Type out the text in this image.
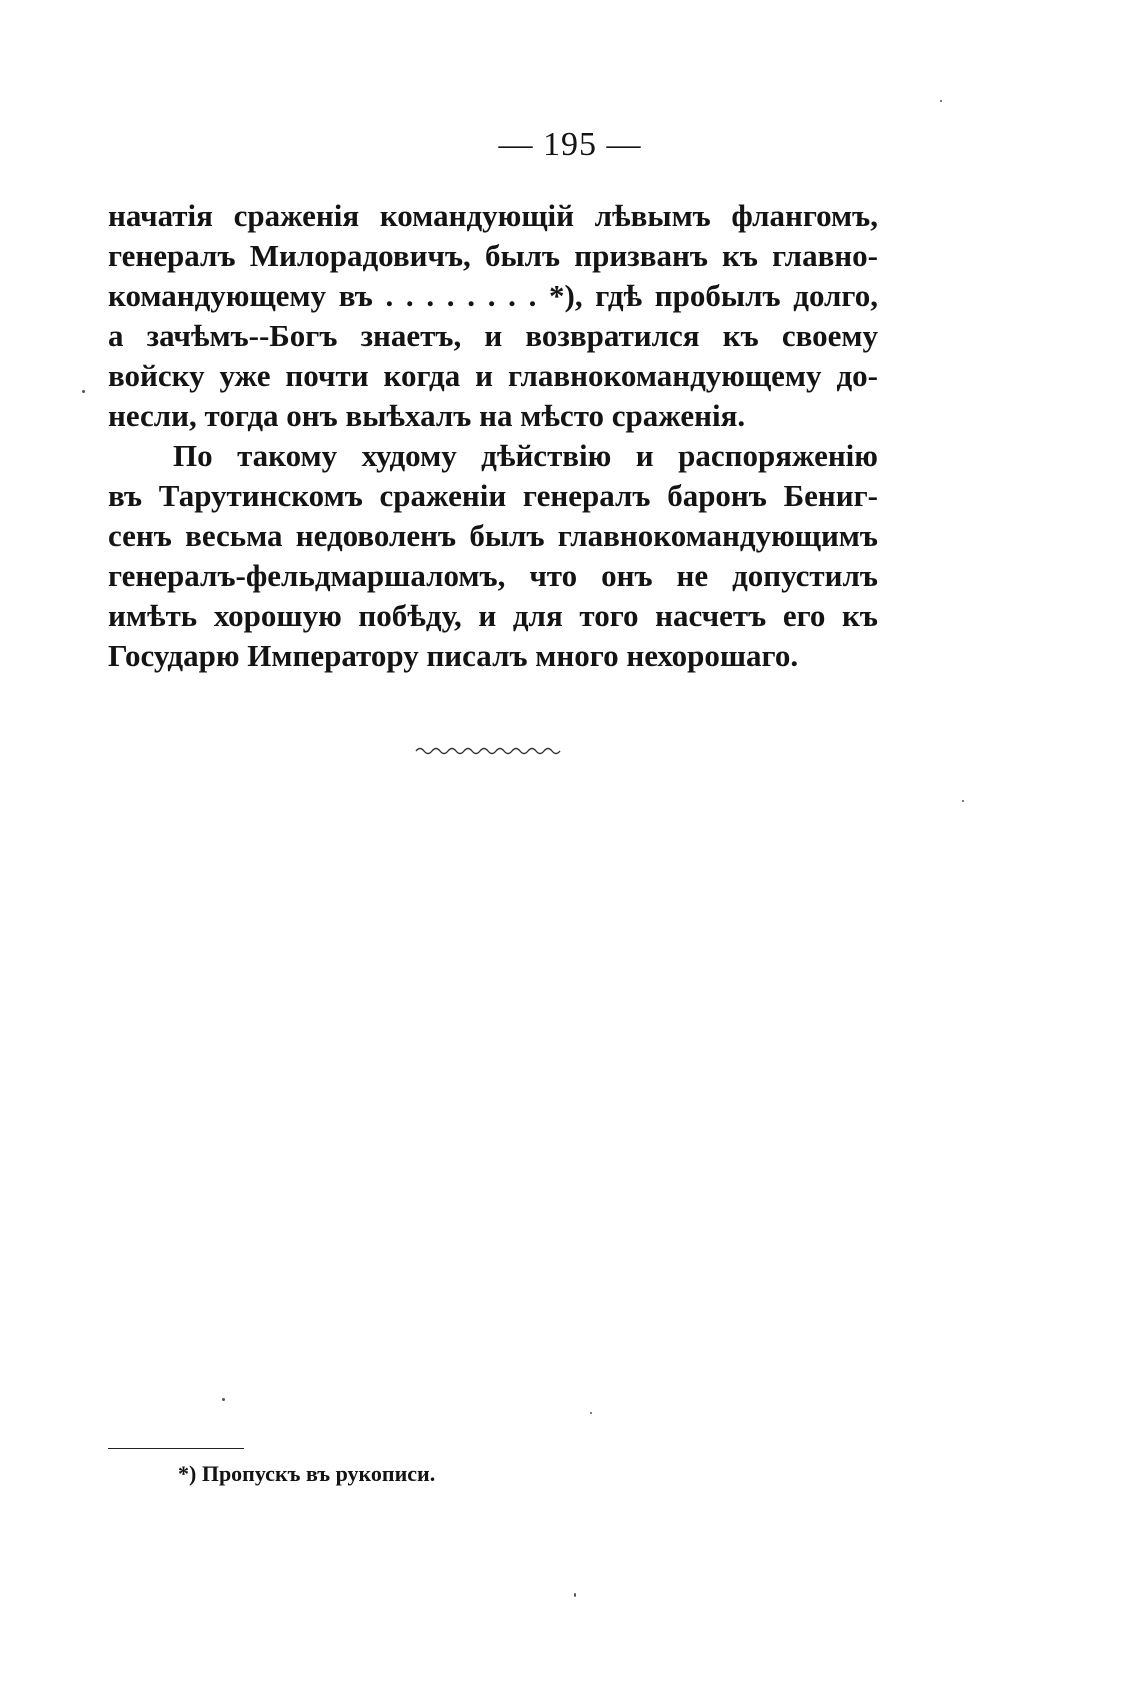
— 195 —
начатія сраженія командующій лѣвымъ флангомъ,
генералъ Милорадовичъ, былъ призванъ къ главно-
командующему въ . . . . . . . . *), гдѣ пробылъ долго,
а зачѣмъ--Богъ знаетъ, и возвратился къ своему
войску уже почти когда и главнокомандующему до-
несли, тогда онъ выѣхалъ на мѣсто сраженія.
По такому худому дѣйствію и распоряженію
въ Тарутинскомъ сраженіи генералъ баронъ Бениг-
сенъ весьма недоволенъ былъ главнокомандующимъ
генералъ-фельдмаршаломъ, что онъ не допустилъ
имѣть хорошую побѣду, и для того насчетъ его къ
Государю Императору писалъ много нехорошаго.
*) Пропускъ въ рукописи.
